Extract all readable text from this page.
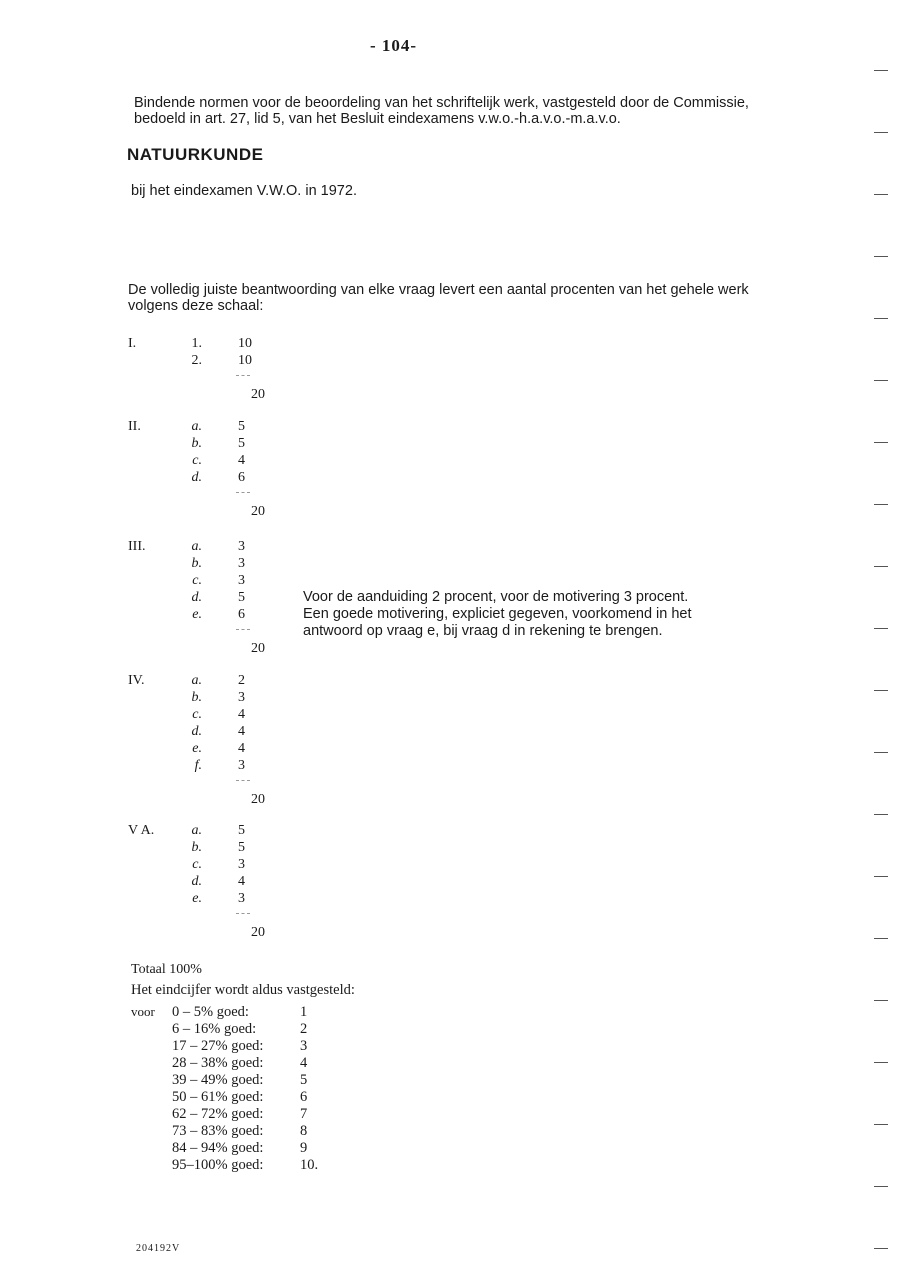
- 104-
Bindende normen voor de beoordeling van het schriftelijk werk, vastgesteld door de Commissie,
bedoeld in art. 27, lid 5, van het Besluit eindexamens v.w.o.-h.a.v.o.-m.a.v.o.
NATUURKUNDE
bij het eindexamen V.W.O. in 1972.
De volledig juiste beantwoording van elke vraag levert een aantal procenten van het gehele werk
volgens deze schaal:
I.	1.	10
2.	10
20
II.	a.	5
b.	5
c.	4
d.	6
20
III.	a.	3
b.	3
c.	3
d.	5
e.	6
20
IV.	a.	2
b.	3
c.	4
d.	4
e.	4
f.	3
20
V A.	a.	5
b.	5
c.	3
d.	4
e.	3
20
Voor de aanduiding 2 procent, voor de motivering 3 procent.
Een goede motivering, expliciet gegeven, voorkomend in het
antwoord op vraag e, bij vraag d in rekening te brengen.
Totaal 100%
Het eindcijfer wordt aldus vastgesteld:
voor 0 – 5% goed:	1
6 – 16% goed:	2
17 – 27% goed:	3
28 – 38% goed:	4
39 – 49% goed:	5
50 – 61% goed:	6
62 – 72% goed:	7
73 – 83% goed:	8
84 – 94% goed:	9
95–100% goed:	10.
204192V
